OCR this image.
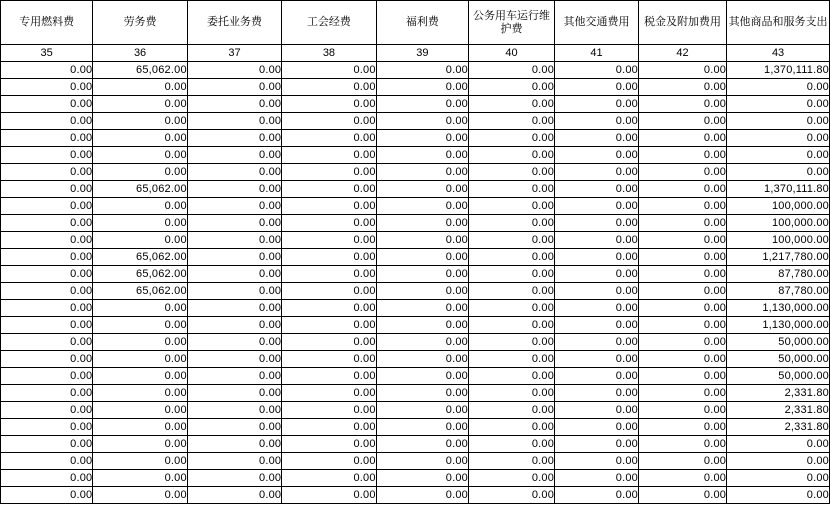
专用燃料费	劳务费	委托业务费	工会经费	福利费	公务用车运行维护费	其他交通费用	税金及附加费用	其他商品和服务支出
35	36	37	38	39	40	41	42	43
0.00	65,062.00	0.00	0.00	0.00	0.00	0.00	0.00	1,370,111.80
0.00	0.00	0.00	0.00	0.00	0.00	0.00	0.00	0.00
0.00	0.00	0.00	0.00	0.00	0.00	0.00	0.00	0.00
0.00	0.00	0.00	0.00	0.00	0.00	0.00	0.00	0.00
0.00	0.00	0.00	0.00	0.00	0.00	0.00	0.00	0.00
0.00	0.00	0.00	0.00	0.00	0.00	0.00	0.00	0.00
0.00	0.00	0.00	0.00	0.00	0.00	0.00	0.00	0.00
0.00	65,062.00	0.00	0.00	0.00	0.00	0.00	0.00	1,370,111.80
0.00	0.00	0.00	0.00	0.00	0.00	0.00	0.00	100,000.00
0.00	0.00	0.00	0.00	0.00	0.00	0.00	0.00	100,000.00
0.00	0.00	0.00	0.00	0.00	0.00	0.00	0.00	100,000.00
0.00	65,062.00	0.00	0.00	0.00	0.00	0.00	0.00	1,217,780.00
0.00	65,062.00	0.00	0.00	0.00	0.00	0.00	0.00	87,780.00
0.00	65,062.00	0.00	0.00	0.00	0.00	0.00	0.00	87,780.00
0.00	0.00	0.00	0.00	0.00	0.00	0.00	0.00	1,130,000.00
0.00	0.00	0.00	0.00	0.00	0.00	0.00	0.00	1,130,000.00
0.00	0.00	0.00	0.00	0.00	0.00	0.00	0.00	50,000.00
0.00	0.00	0.00	0.00	0.00	0.00	0.00	0.00	50,000.00
0.00	0.00	0.00	0.00	0.00	0.00	0.00	0.00	50,000.00
0.00	0.00	0.00	0.00	0.00	0.00	0.00	0.00	2,331.80
0.00	0.00	0.00	0.00	0.00	0.00	0.00	0.00	2,331.80
0.00	0.00	0.00	0.00	0.00	0.00	0.00	0.00	2,331.80
0.00	0.00	0.00	0.00	0.00	0.00	0.00	0.00	0.00
0.00	0.00	0.00	0.00	0.00	0.00	0.00	0.00	0.00
0.00	0.00	0.00	0.00	0.00	0.00	0.00	0.00	0.00
0.00	0.00	0.00	0.00	0.00	0.00	0.00	0.00	0.00
